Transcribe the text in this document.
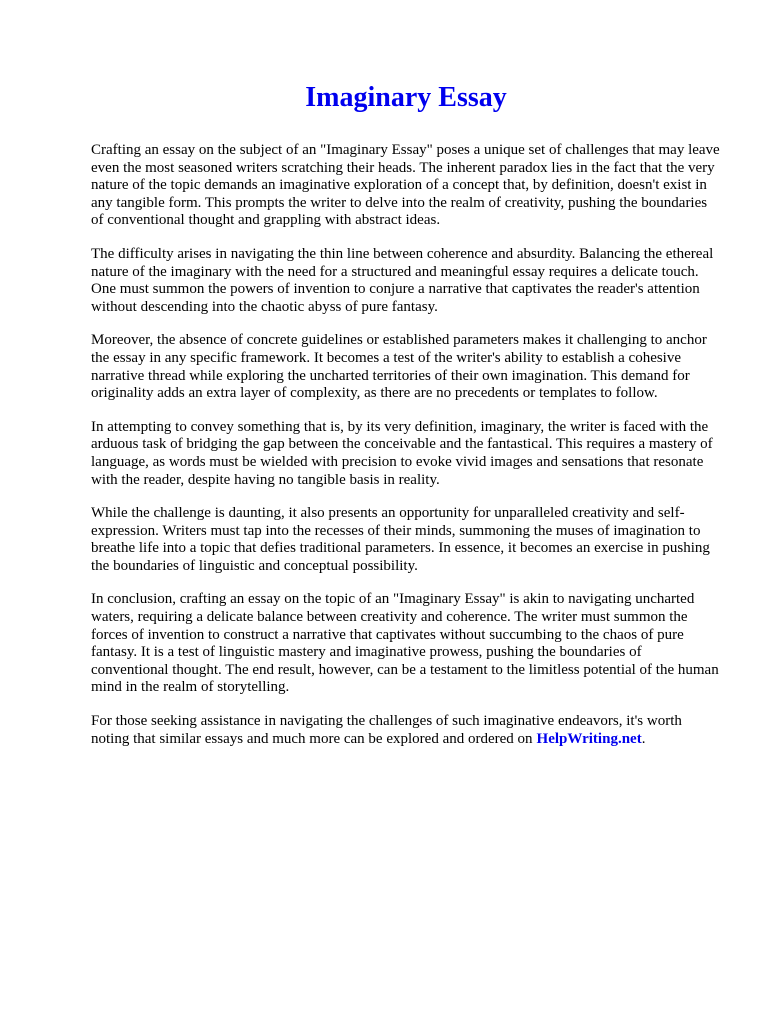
Imaginary Essay

Crafting an essay on the subject of an "Imaginary Essay" poses a unique set of challenges that may leave even the most seasoned writers scratching their heads. The inherent paradox lies in the fact that the very nature of the topic demands an imaginative exploration of a concept that, by definition, doesn't exist in any tangible form. This prompts the writer to delve into the realm of creativity, pushing the boundaries of conventional thought and grappling with abstract ideas.

The difficulty arises in navigating the thin line between coherence and absurdity. Balancing the ethereal nature of the imaginary with the need for a structured and meaningful essay requires a delicate touch. One must summon the powers of invention to conjure a narrative that captivates the reader's attention without descending into the chaotic abyss of pure fantasy.

Moreover, the absence of concrete guidelines or established parameters makes it challenging to anchor the essay in any specific framework. It becomes a test of the writer's ability to establish a cohesive narrative thread while exploring the uncharted territories of their own imagination. This demand for originality adds an extra layer of complexity, as there are no precedents or templates to follow.

In attempting to convey something that is, by its very definition, imaginary, the writer is faced with the arduous task of bridging the gap between the conceivable and the fantastical. This requires a mastery of language, as words must be wielded with precision to evoke vivid images and sensations that resonate with the reader, despite having no tangible basis in reality.

While the challenge is daunting, it also presents an opportunity for unparalleled creativity and self-expression. Writers must tap into the recesses of their minds, summoning the muses of imagination to breathe life into a topic that defies traditional parameters. In essence, it becomes an exercise in pushing the boundaries of linguistic and conceptual possibility.

In conclusion, crafting an essay on the topic of an "Imaginary Essay" is akin to navigating uncharted waters, requiring a delicate balance between creativity and coherence. The writer must summon the forces of invention to construct a narrative that captivates without succumbing to the chaos of pure fantasy. It is a test of linguistic mastery and imaginative prowess, pushing the boundaries of conventional thought. The end result, however, can be a testament to the limitless potential of the human mind in the realm of storytelling.

For those seeking assistance in navigating the challenges of such imaginative endeavors, it's worth noting that similar essays and much more can be explored and ordered on HelpWriting.net.
